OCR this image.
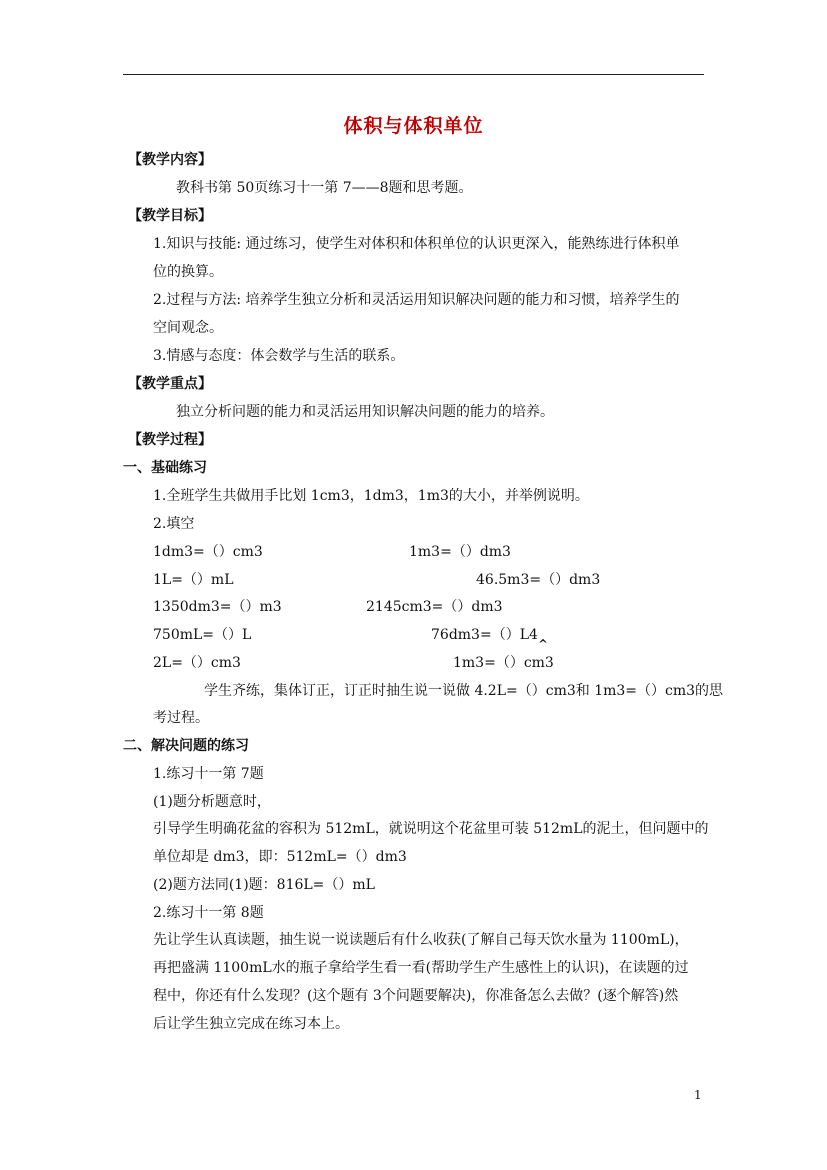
体积与体积单位
【教学内容】
教科书第 50页练习十一第 7——8题和思考题。
【教学目标】
1.知识与技能: 通过练习，使学生对体积和体积单位的认识更深入，能熟练进行体积单
位的换算。
2.过程与方法: 培养学生独立分析和灵活运用知识解决问题的能力和习惯，培养学生的
空间观念。
3.情感与态度：体会数学与生活的联系。
【教学重点】
独立分析问题的能力和灵活运用知识解决问题的能力的培养。
【教学过程】
一、基础练习
1.全班学生共做用手比划 1cm3，1dm3，1m3的大小，并举例说明。
2.填空
1dm3=（）cm3	1m3=（）dm3
1L=（）mL	46.5m3=（）dm3
1350dm3=（）m3	2145cm3=（）dm3
750mL=（）L	76dm3=（）L4‸
2L=（）cm3	1m3=（）cm3
学生齐练，集体订正，订正时抽生说一说做 4.2L=（）cm3和 1m3=（）cm3的思
考过程。
二、解决问题的练习
1.练习十一第 7题
(1)题分析题意时，
引导学生明确花盆的容积为 512mL，就说明这个花盆里可装 512mL的泥土，但问题中的
单位却是 dm3，即：512mL=（）dm3
(2)题方法同(1)题：816L=（）mL
2.练习十一第 8题
先让学生认真读题，抽生说一说读题后有什么收获(了解自己每天饮水量为 1100mL)，
再把盛满 1100mL水的瓶子拿给学生看一看(帮助学生产生感性上的认识)，在读题的过
程中，你还有什么发现？(这个题有 3个问题要解决)，你准备怎么去做？(逐个解答)然
后让学生独立完成在练习本上。
1
